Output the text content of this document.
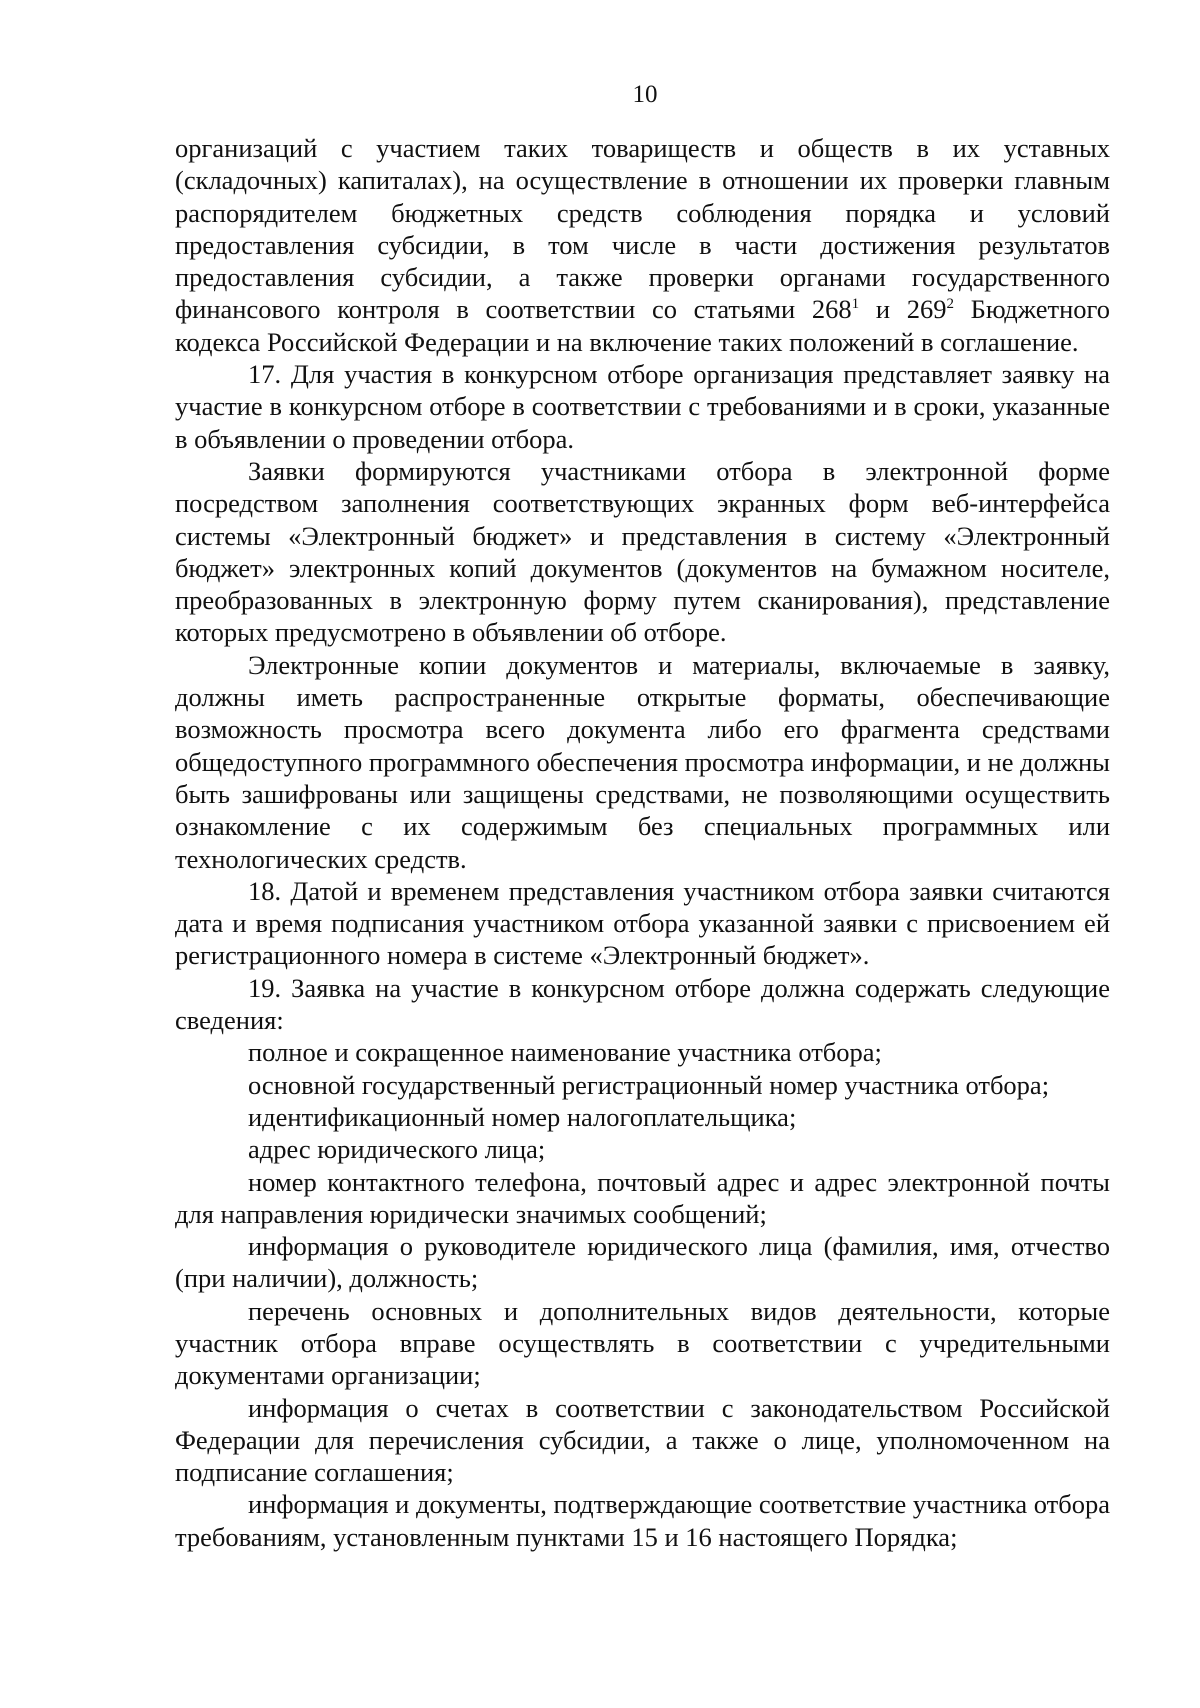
10

организаций с участием таких товариществ и обществ в их уставных (складочных) капиталах), на осуществление в отношении их проверки главным распорядителем бюджетных средств соблюдения порядка и условий предоставления субсидии, в том числе в части достижения результатов предоставления субсидии, а также проверки органами государственного финансового контроля в соответствии со статьями $268^1$ и $269^2$ Бюджетного кодекса Российской Федерации и на включение таких положений в соглашение.

17. Для участия в конкурсном отборе организация представляет заявку на участие в конкурсном отборе в соответствии с требованиями и в сроки, указанные в объявлении о проведении отбора.

Заявки формируются участниками отбора в электронной форме посредством заполнения соответствующих экранных форм веб-интерфейса системы «Электронный бюджет» и представления в систему «Электронный бюджет» электронных копий документов (документов на бумажном носителе, преобразованных в электронную форму путем сканирования), представление которых предусмотрено в объявлении об отборе.

Электронные копии документов и материалы, включаемые в заявку, должны иметь распространенные открытые форматы, обеспечивающие возможность просмотра всего документа либо его фрагмента средствами общедоступного программного обеспечения просмотра информации, и не должны быть зашифрованы или защищены средствами, не позволяющими осуществить ознакомление с их содержимым без специальных программных или технологических средств.

18. Датой и временем представления участником отбора заявки считаются дата и время подписания участником отбора указанной заявки с присвоением ей регистрационного номера в системе «Электронный бюджет».

19. Заявка на участие в конкурсном отборе должна содержать следующие сведения:

полное и сокращенное наименование участника отбора;

основной государственный регистрационный номер участника отбора;

идентификационный номер налогоплательщика;

адрес юридического лица;

номер контактного телефона, почтовый адрес и адрес электронной почты для направления юридически значимых сообщений;

информация о руководителе юридического лица (фамилия, имя, отчество (при наличии), должность;

перечень основных и дополнительных видов деятельности, которые участник отбора вправе осуществлять в соответствии с учредительными документами организации;

информация о счетах в соответствии с законодательством Российской Федерации для перечисления субсидии, а также о лице, уполномоченном на подписание соглашения;

информация и документы, подтверждающие соответствие участника отбора требованиям, установленным пунктами 15 и 16 настоящего Порядка;
